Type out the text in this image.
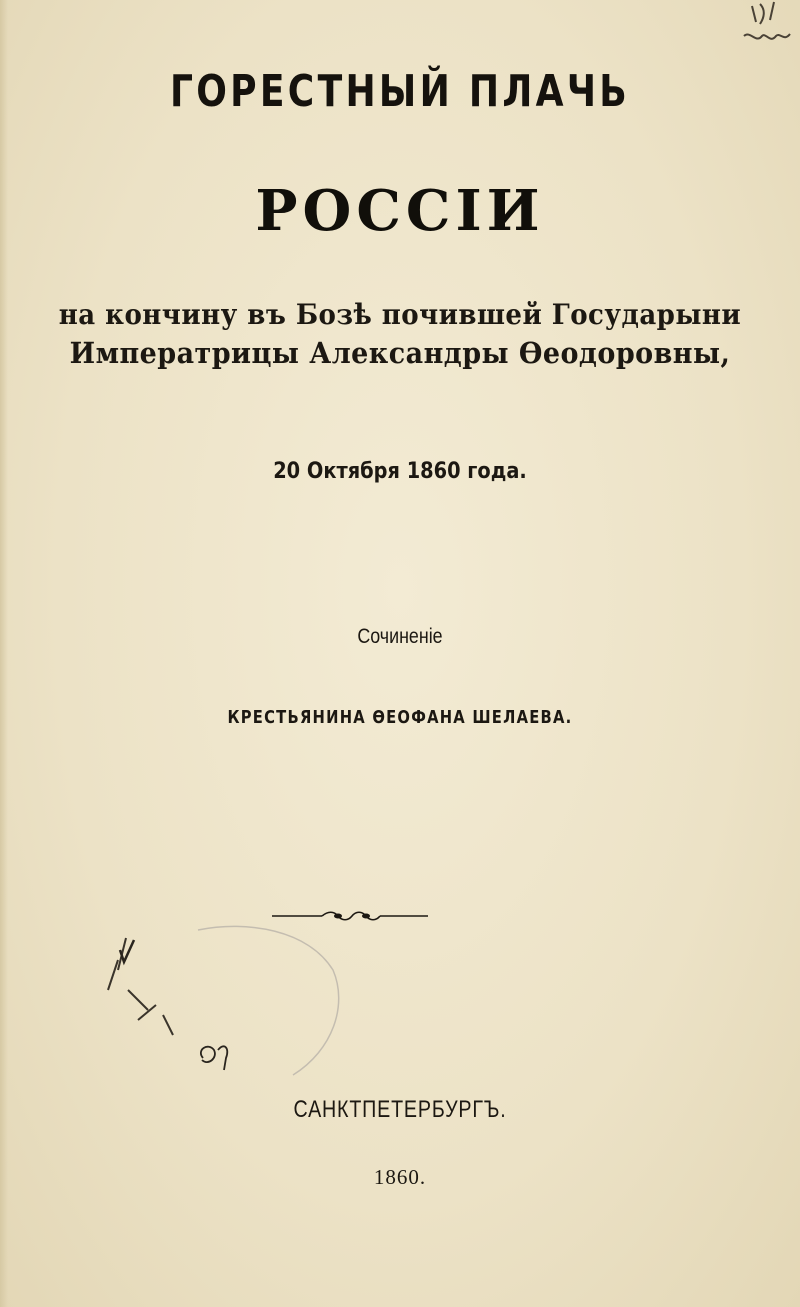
ГОРЕСТНЫЙ ПЛАЧЬ
РОССІИ
на кончину въ Бозѣ почившей Государыни
Императрицы Александры Өеодоровны,
20 Октября 1860 года.
Сочиненіе
КРЕСТЬЯНИНА ӨЕОФАНА ШЕЛАЕВА.
САНКТПЕТЕРБУРГЪ.
1860.
